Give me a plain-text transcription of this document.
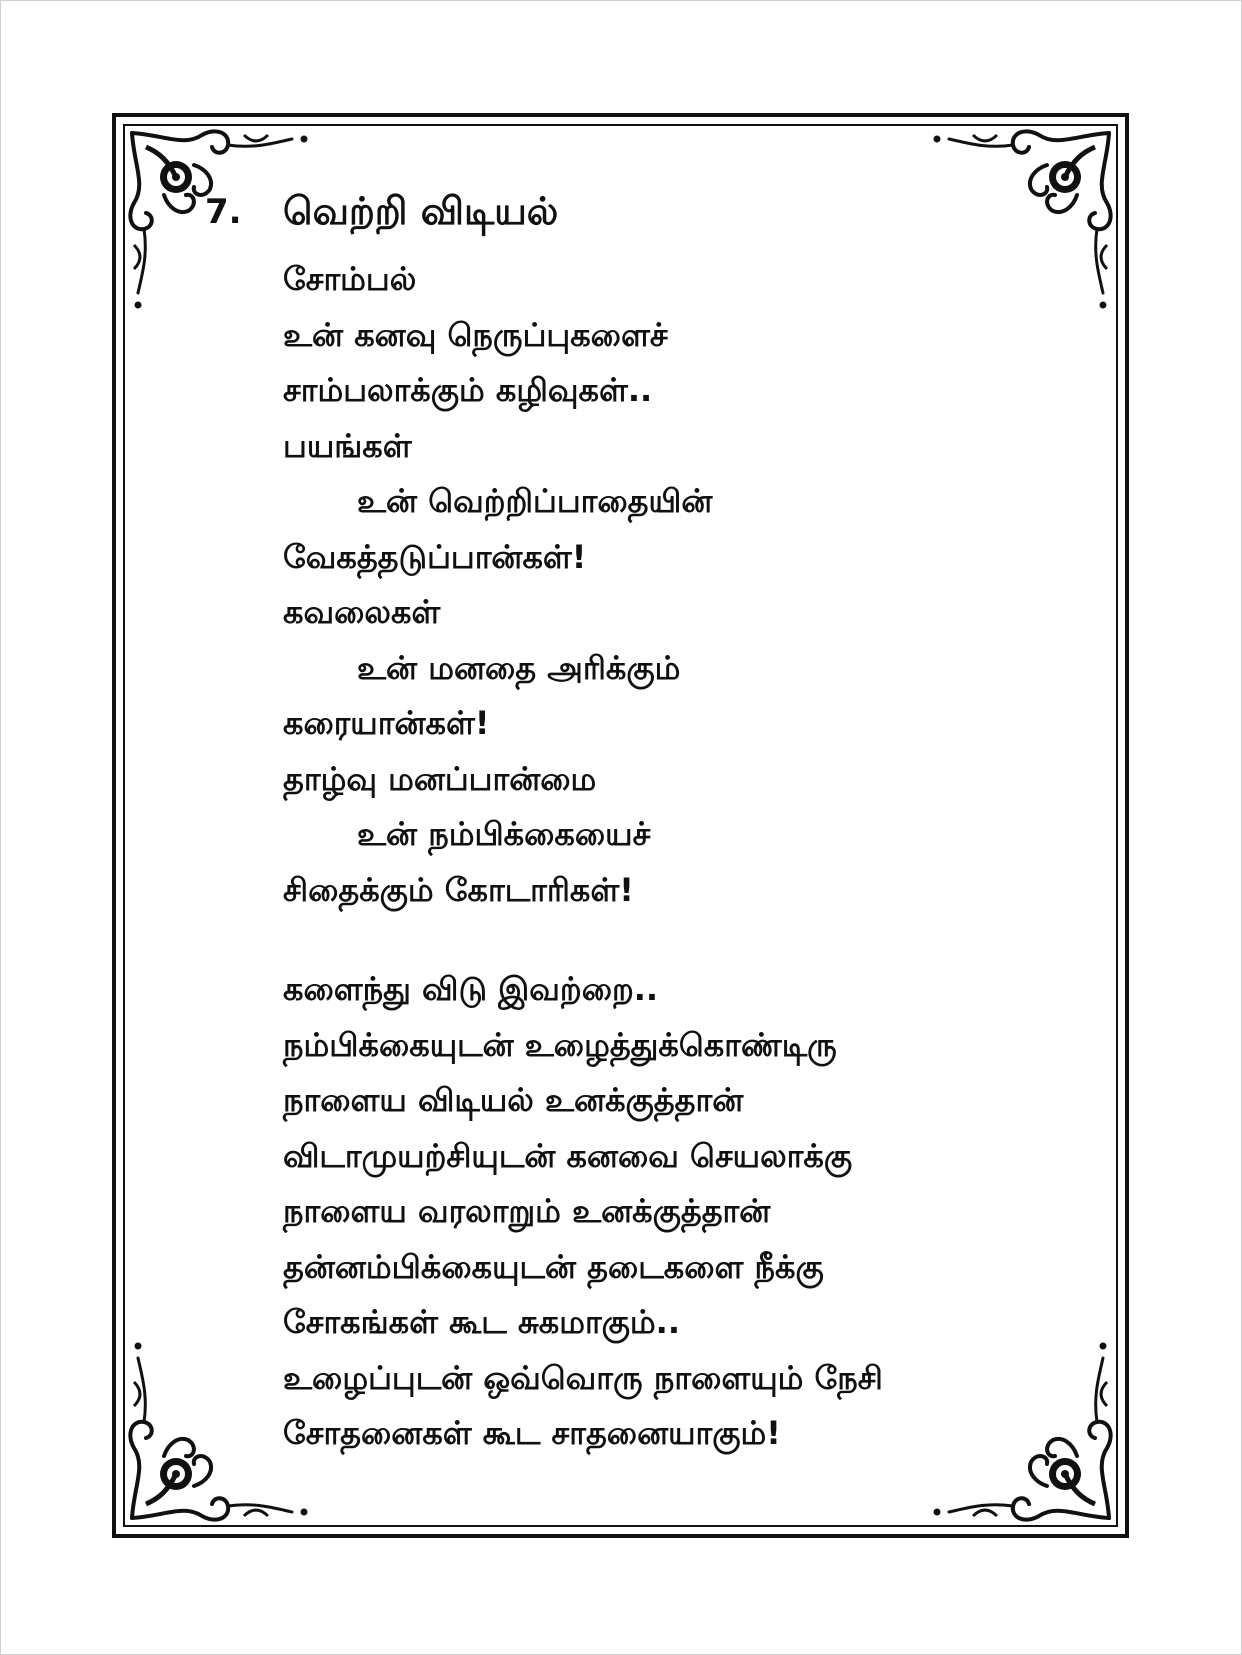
7. வெற்றி விடியல்
சோம்பல்
உன் கனவு நெருப்புகளைச்
சாம்பலாக்கும் கழிவுகள்..
பயங்கள்
உன் வெற்றிப்பாதையின்
வேகத்தடுப்பான்கள்!
கவலைகள்
உன் மனதை அரிக்கும்
கரையான்கள்!
தாழ்வு மனப்பான்மை
உன் நம்பிக்கையைச்
சிதைக்கும் கோடாரிகள்!
களைந்து விடு இவற்றை..
நம்பிக்கையுடன் உழைத்துக்கொண்டிரு
நாளைய விடியல் உனக்குத்தான்
விடாமுயற்சியுடன் கனவை செயலாக்கு
நாளைய வரலாறும் உனக்குத்தான்
தன்னம்பிக்கையுடன் தடைகளை நீக்கு
சோகங்கள் கூட சுகமாகும்..
உழைப்புடன் ஒவ்வொரு நாளையும் நேசி
சோதனைகள் கூட சாதனையாகும்!
